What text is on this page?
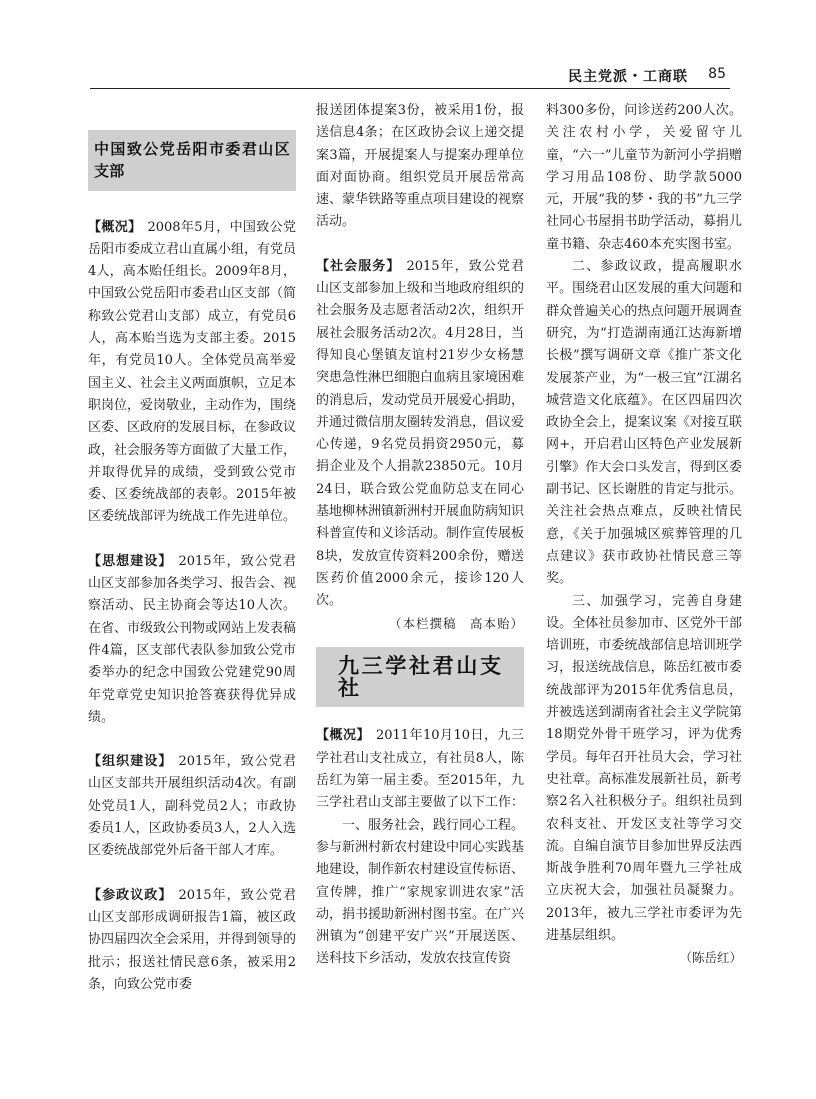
民主党派・工商联 85
中国致公党岳阳市委君山区支部

【概况】 2008年5月，中国致公党岳阳市委成立君山直属小组，有党员4人，高本贻任组长。2009年8月，中国致公党岳阳市委君山区支部（简称致公党君山支部）成立，有党员6人，高本贻当选为支部主委。2015年，有党员10人。全体党员高举爱国主义、社会主义两面旗帜，立足本职岗位，爱岗敬业，主动作为，围绕区委、区政府的发展目标，在参政议政，社会服务等方面做了大量工作，并取得优异的成绩，受到致公党市委、区委统战部的表彰。2015年被区委统战部评为统战工作先进单位。

【思想建设】 2015年，致公党君山区支部参加各类学习、报告会、视察活动、民主协商会等达10人次。在省、市级致公刊物或网站上发表稿件4篇，区支部代表队参加致公党市委举办的纪念中国致公党建党90周年党章党史知识抢答赛获得优异成绩。

【组织建设】 2015年，致公党君山区支部共开展组织活动4次。有副处党员1人，副科党员2人；市政协委员1人，区政协委员3人，2人入选区委统战部党外后备干部人才库。

【参政议政】 2015年，致公党君山区支部形成调研报告1篇，被区政协四届四次全会采用，并得到领导的批示；报送社情民意6条，被采用2条，向致公党市委

报送团体提案3份，被采用1份，报送信息4条；在区政协会议上递交提案3篇，开展提案人与提案办理单位面对面协商。组织党员开展岳常高速、蒙华铁路等重点项目建设的视察活动。

【社会服务】 2015年，致公党君山区支部参加上级和当地政府组织的社会服务及志愿者活动2次，组织开展社会服务活动2次。4月28日，当得知良心堡镇友谊村21岁少女杨慧突患急性淋巴细胞白血病且家境困难的消息后，发动党员开展爱心捐助，并通过微信朋友圈转发消息，倡议爱心传递，9名党员捐资2950元，募捐企业及个人捐款23850元。10月24日，联合致公党血防总支在同心基地柳林洲镇新洲村开展血防病知识科普宣传和义诊活动。制作宣传展板8块，发放宣传资料200余份，赠送医药价值2000余元，接诊120人次。

（本栏撰稿　高本贻）

九三学社君山支社

【概况】 2011年10月10日，九三学社君山支社成立，有社员8人，陈岳红为第一届主委。至2015年，九三学社君山支部主要做了以下工作：

一、服务社会，践行同心工程。参与新洲村新农村建设中同心实践基地建设，制作新农村建设宣传标语、宣传牌，推广“家规家训进农家”活动，捐书援助新洲村图书室。在广兴洲镇为“创建平安广兴”开展送医、送科技下乡活动，发放农技宣传资

料300多份，问诊送药200人次。关注农村小学，关爱留守儿童，“六一”儿童节为新河小学捐赠学习用品108份、助学款5000元，开展“我的梦・我的书”九三学社同心书屋捐书助学活动，募捐儿童书籍、杂志460本充实图书室。

二、参政议政，提高履职水平。围绕君山区发展的重大问题和群众普遍关心的热点问题开展调查研究，为“打造湖南通江达海新增长极”撰写调研文章《推广茶文化发展茶产业，为“一极三宜”江湖名城营造文化底蕴》。在区四届四次政协全会上，提案议案《对接互联网+，开启君山区特色产业发展新引擎》作大会口头发言，得到区委副书记、区长谢胜的肯定与批示。关注社会热点难点，反映社情民意，《关于加强城区殡葬管理的几点建议》获市政协社情民意三等奖。

三、加强学习，完善自身建设。全体社员参加市、区党外干部培训班，市委统战部信息培训班学习，报送统战信息，陈岳红被市委统战部评为2015年优秀信息员，并被选送到湖南省社会主义学院第18期党外骨干班学习，评为优秀学员。每年召开社员大会，学习社史社章。高标准发展新社员，新考察2名入社积极分子。组织社员到农科支社、开发区支社等学习交流。自编自演节目参加世界反法西斯战争胜利70周年暨九三学社成立庆祝大会，加强社员凝聚力。2013年，被九三学社市委评为先进基层组织。

（陈岳红）
